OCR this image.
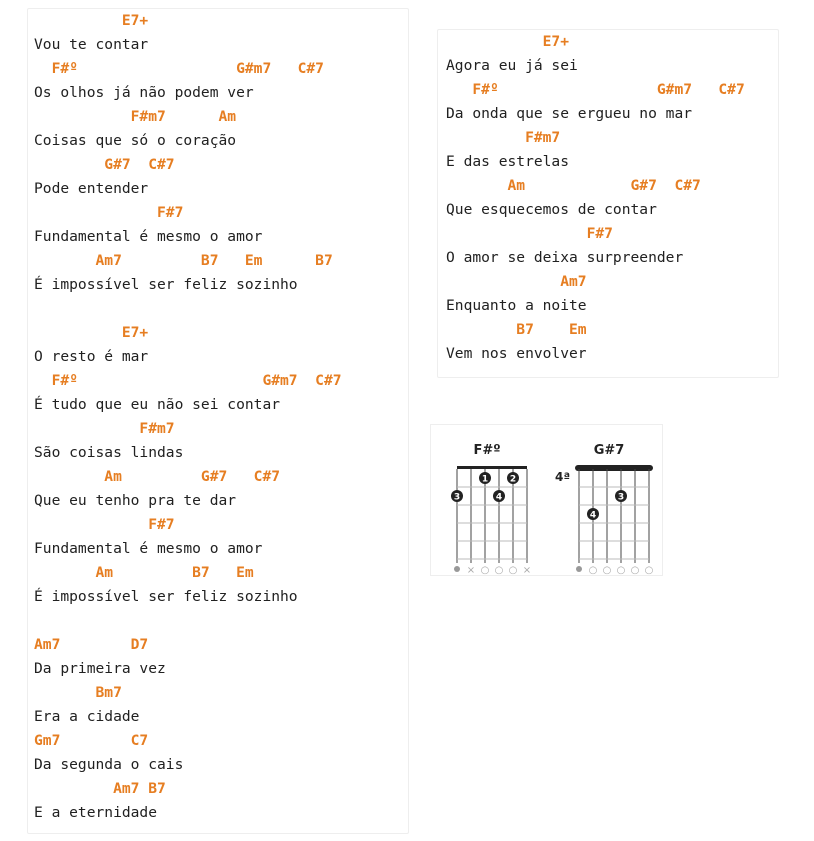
E7+
Vou te contar
F#º                  G#m7   C#7
Os olhos já não podem ver
F#m7      Am
Coisas que só o coração
G#7  C#7
Pode entender
F#7
Fundamental é mesmo o amor
Am7         B7   Em      B7
É impossível ser feliz sozinho
E7+
O resto é mar
F#º                     G#m7  C#7
É tudo que eu não sei contar
F#m7
São coisas lindas
Am         G#7   C#7
Que eu tenho pra te dar
F#7
Fundamental é mesmo o amor
Am         B7   Em
É impossível ser feliz sozinho
Am7        D7
Da primeira vez
Bm7
Era a cidade
Gm7        C7
Da segunda o cais
Am7 B7
E a eternidade
E7+
Agora eu já sei
F#º                  G#m7   C#7
Da onda que se ergueu no mar
F#m7
E das estrelas
Am            G#7  C#7
Que esquecemos de contar
F#7
O amor se deixa surpreender
Am7
Enquanto a noite
B7    Em
Vem nos envolver
F#º
3
1
4
2
× ○ ○ ○ ×
G#7
4ª
4
3
○ ○ ○ ○ ○
